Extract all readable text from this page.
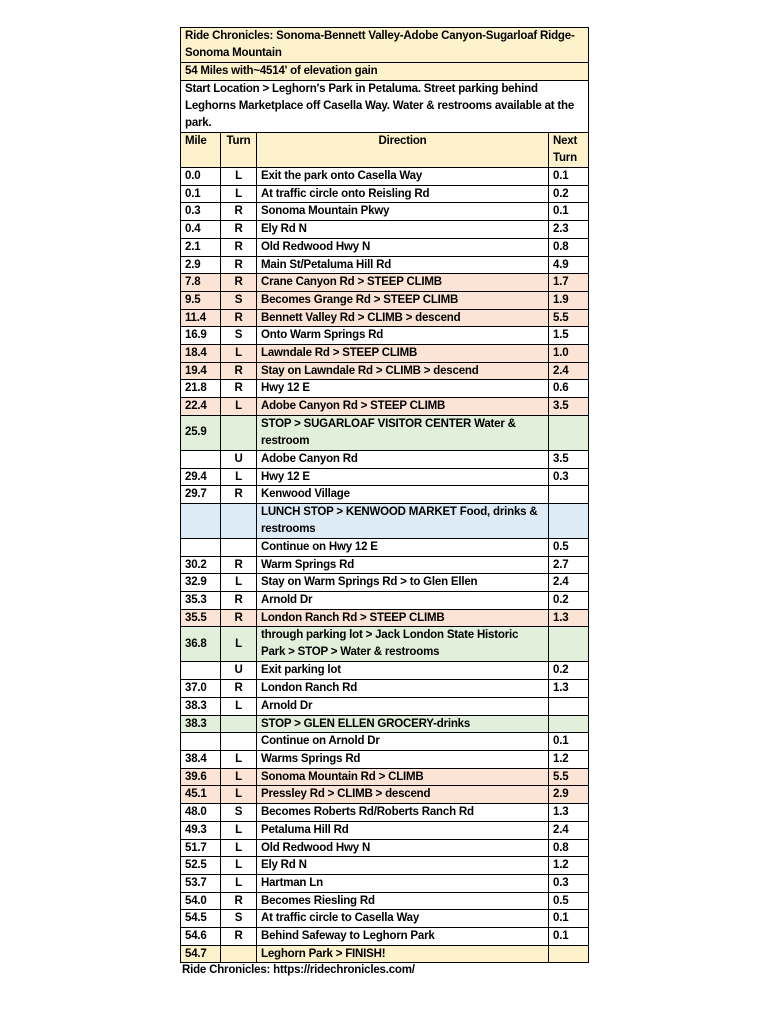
Ride Chronicles: Sonoma-Bennett Valley-Adobe Canyon-Sugarloaf Ridge-Sonoma Mountain			
54 Miles with~4514' of elevation gain			
Start Location > Leghorn's Park in Petaluma. Street parking behind Leghorns Marketplace off Casella Way. Water & restrooms available at the park.			
Mile	Turn	Direction	Next Turn
0.0	L	Exit the park onto Casella Way	0.1
0.1	L	At traffic circle onto Reisling Rd	0.2
0.3	R	Sonoma Mountain Pkwy	0.1
0.4	R	Ely Rd N	2.3
2.1	R	Old Redwood Hwy N	0.8
2.9	R	Main St/Petaluma Hill Rd	4.9
7.8	R	Crane Canyon Rd > STEEP CLIMB	1.7
9.5	S	Becomes Grange Rd > STEEP CLIMB	1.9
11.4	R	Bennett Valley Rd > CLIMB > descend	5.5
16.9	S	Onto Warm Springs Rd	1.5
18.4	L	Lawndale Rd > STEEP CLIMB	1.0
19.4	R	Stay on Lawndale Rd > CLIMB > descend	2.4
21.8	R	Hwy 12 E	0.6
22.4	L	Adobe Canyon Rd > STEEP CLIMB	3.5
25.9		STOP > SUGARLOAF VISITOR CENTER Water & restroom	
	U	Adobe Canyon Rd	3.5
29.4	L	Hwy 12 E	0.3
29.7	R	Kenwood Village	
		LUNCH STOP > KENWOOD MARKET Food, drinks & restrooms	
		Continue on Hwy 12 E	0.5
30.2	R	Warm Springs Rd	2.7
32.9	L	Stay on Warm Springs Rd > to Glen Ellen	2.4
35.3	R	Arnold Dr	0.2
35.5	R	London Ranch Rd > STEEP CLIMB	1.3
36.8	L	through parking lot > Jack London State Historic Park > STOP > Water & restrooms	
	U	Exit parking lot	0.2
37.0	R	London Ranch Rd	1.3
38.3	L	Arnold Dr	
38.3		STOP > GLEN ELLEN GROCERY-drinks	
		Continue on Arnold Dr	0.1
38.4	L	Warms Springs Rd	1.2
39.6	L	Sonoma Mountain Rd > CLIMB	5.5
45.1	L	Pressley Rd > CLIMB > descend	2.9
48.0	S	Becomes Roberts Rd/Roberts Ranch Rd	1.3
49.3	L	Petaluma Hill Rd	2.4
51.7	L	Old Redwood Hwy N	0.8
52.5	L	Ely Rd N	1.2
53.7	L	Hartman Ln	0.3
54.0	R	Becomes Riesling Rd	0.5
54.5	S	At traffic circle to Casella Way	0.1
54.6	R	Behind Safeway to Leghorn Park	0.1
54.7		Leghorn Park > FINISH!	
Ride Chronicles: https://ridechronicles.com/
